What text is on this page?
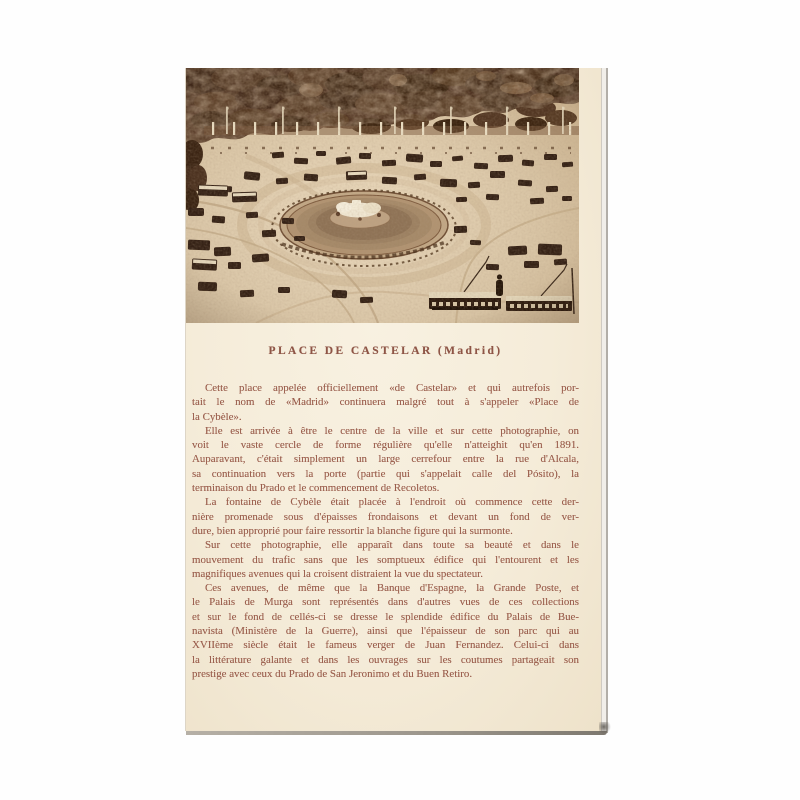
PLACE DE CASTELAR (Madrid)
Cette place appelée officiellement «de Castelar» et qui autrefois por-
tait le nom de «Madrid» continuera malgré tout à s'appeler «Place de
la Cybèle».
Elle est arrivée à être le centre de la ville et sur cette photographie, on
voit le vaste cercle de forme régulière qu'elle n'atteighit qu'en 1891.
Auparavant, c'était simplement un large cerrefour entre la rue d'Alcala,
sa continuation vers la porte (partie qui s'appelait calle del Pósito), la
terminaison du Prado et le commencement de Recoletos.
La fontaine de Cybèle était placée à l'endroit où commence cette der-
nière promenade sous d'épaisses frondaisons et devant un fond de ver-
dure, bien approprié pour faire ressortir la blanche figure qui la surmonte.
Sur cette photographie, elle apparaît dans toute sa beauté et dans le
mouvement du trafic sans que les somptueux édifice qui l'entourent et les
magnifiques avenues qui la croisent distraient la vue du spectateur.
Ces avenues, de même que la Banque d'Espagne, la Grande Poste, et
le Palais de Murga sont représentés dans d'autres vues de ces collections
et sur le fond de cellés-ci se dresse le splendide édifice du Palais de Bue-
navista (Ministère de la Guerre), ainsi que l'épaisseur de son parc qui au
XVIIème siècle était le fameus verger de Juan Fernandez. Celui-ci dans
la littérature galante et dans les ouvrages sur les coutumes partageait son
prestige avec ceux du Prado de San Jeronimo et du Buen Retiro.
